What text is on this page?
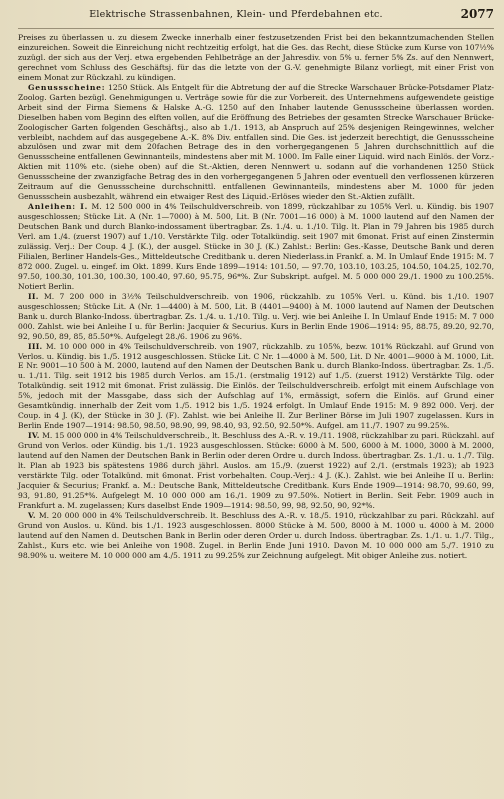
Elektrische Strassenbahnen, Klein- und Pferdebahnen etc.	2077

Preises zu überlassen u. zu diesem Zwecke innerhalb einer festzusetzenden Frist bei den bekanntzumachenden Stellen einzureichen. Soweit die Einreichung nicht rechtzeitig erfolgt, hat die Ges. das Recht, diese Stücke zum Kurse von 107½% zuzügl. der sich aus der Verj. etwa ergebenden Fehlbeträge an der Jahresdiv. von 5% u. ferner 5% Zs. auf den Nennwert, gerechnet vom Schluss des Geschäftsj. für das die letzte von der G.-V. genehmigte Bilanz vorliegt, mit einer Frist von einem Monat zur Rückzahl. zu kündigen.

Genussscheine: 1250 Stück. Als Entgelt für die Abtretung der auf die Strecke Warschauer Brücke-Potsdamer Platz-Zoolog. Garten bezügl. Genehmigungen u. Verträge sowie für die zur Vorbereit. des Unternehmens aufgewendete geistige Arbeit sind der Firma Siemens & Halske A.-G. 1250 auf den Inhaber lautende Genussscheine überlassen worden. Dieselben haben vom Beginn des elften vollen, auf die Eröffnung des Betriebes der gesamten Strecke Warschauer Brücke-Zoologischer Garten folgenden Geschäftsj., also ab 1./1. 1913, ab Anspruch auf 25% desjenigen Reingewinnes, welcher verbleibt, nachdem auf das ausgegebene A.-K. 8% Div. entfallen sind. Die Ges. ist jederzeit berechtigt, die Genussscheine abzulösen und zwar mit dem 20fachen Betrage des in den vorhergegangenen 5 Jahren durchschnittlich auf die Genussscheine entfallenen Gewinnanteils, mindestens aber mit M. 1000. Im Falle einer Liquid. wird nach Einlös. der Vorz.-Aktien mit 110% etc. (siehe oben) auf die St.-Aktien, deren Nennwert u. sodann auf die vorhandenen 1250 Stück Genussscheine der zwanzigfache Betrag des in den vorhergegangenen 5 Jahren oder eventuell den verflossenen kürzeren Zeitraum auf die Genussscheine durchschnittl. entfallenen Gewinnanteils, mindestens aber M. 1000 für jeden Genussschein ausbezahlt, während ein etwaiger Rest des Liquid.-Erlöses wieder den St.-Aktien zufällt.

Anleihen: I. M. 12 500 000 in 4% Teilschuldverschreib. von 1899, rückzahlbar zu 105% Verl. u. Kündig. bis 1907 ausgeschlossen; Stücke Lit. A (Nr. 1—7000) à M. 500, Lit. B (Nr. 7001—16 000) à M. 1000 lautend auf den Namen der Deutschen Bank und durch Blanko-indossament übertragbar. Zs. 1./4. u. 1./10. Tilg. lt. Plan in 79 Jahren bis 1985 durch Verl. am 1./4. (zuerst 1907) auf 1./10. Verstärkte Tilg. oder Totalkündig. seit 1907 mit 6monat. Frist auf einen Zinstermin zulässig. Verj.: Der Coup. 4 J. (K.), der ausgel. Stücke in 30 J. (K.) Zahlst.: Berlin: Ges.-Kasse, Deutsche Bank und deren Filialen, Berliner Handels-Ges., Mitteldeutsche Creditbank u. deren Niederlass.in Frankf. a. M. In Umlauf Ende 1915: M. 7 872 000. Zugel. u. eingef. im Okt. 1899. Kurs Ende 1899—1914: 101.50, — 97.70, 103.10, 103.25, 104.50, 104.25, 102.70, 97.50, 100.30, 101.30, 100.30, 100.40, 97.60, 95.75, 96*%. Zur Subskript. aufgel. M. 5 000 000 29./1. 1900 zu 100.25%. Notiert Berlin.

II. M. 7 200 000 in 3½% Teilschuldverschreib. von 1906, rückzahlb. zu 105% Verl. u. Künd. bis 1./10. 1907 ausgeschlossen; Stücke Lit. A (Nr. 1—4400) à M. 500, Lit. B (4401—9400) à M. 1000 lautend auf Namen der Deutschen Bank u. durch Blanko-Indoss. übertragbar. Zs. 1./4. u. 1./10. Tilg. u. Verj. wie bei Anleihe I. In Umlauf Ende 1915: M. 7 000 000. Zahlst. wie bei Anleihe I u. für Berlin: Jacquier & Securius. Kurs in Berlin Ende 1906—1914: 95, 88.75, 89.20, 92.70, 92, 90.50, 89, 85, 85.50*%. Aufgelegt 28./6. 1906 zu 96%.

III. M. 10 000 000 in 4% Teilschuldverschreib. von 1907, rückzahlb. zu 105%, bezw. 101% Rückzahl. auf Grund von Verlos. u. Kündig. bis 1./5. 1912 ausgeschlossen. Stücke Lit. C Nr. 1—4000 à M. 500, Lit. D Nr. 4001—9000 à M. 1000, Lit. E Nr. 9001—10 500 à M. 2000, lautend auf den Namen der Deutschen Bank u. durch Blanko-Indoss. übertragbar. Zs. 1./5. u. 1./11. Tilg. seit 1912 bis 1985 durch Verlos. am 15./1. (erstmalig 1912) auf 1./5. (zuerst 1912) Verstärkte Tilg. oder Totalkündig. seit 1912 mit 6monat. Frist zulässig. Die Einlös. der Teilschuldverschreib. erfolgt mit einem Aufschlage von 5%, jedoch mit der Massgabe, dass sich der Aufschlag auf 1%, ermässigt, sofern die Einlös. auf Grund einer Gesamtkündig. innerhalb der Zeit vom 1./5. 1912 bis 1./5. 1924 erfolgt. In Umlauf Ende 1915: M. 9 892 000. Verj. der Coup. in 4 J. (K), der Stücke in 30 J. (F). Zahlst. wie bei Anleihe II. Zur Berliner Börse im Juli 1907 zugelassen. Kurs in Berlin Ende 1907—1914: 98.50, 98.50, 98.90, 99, 98.40, 93, 92.50, 92.50*%. Aufgel. am 11./7. 1907 zu 99.25%.

IV. M. 15 000 000 in 4% Teilschuldverschreib., lt. Beschluss des A.-R. v. 19./11. 1908, rückzahlbar zu pari. Rückzahl. auf Grund von Verlos. oder Kündig. bis 1./1. 1923 ausgeschlossen. Stücke: 6000 à M. 500, 6000 à M. 1000, 3000 à M. 2000, lautend auf den Namen der Deutschen Bank in Berlin oder deren Ordre u. durch Indoss. übertragbar. Zs. 1./1. u. 1./7. Tilg. lt. Plan ab 1923 bis spätestens 1986 durch jährl. Auslos. am 15./9. (zuerst 1922) auf 2./1. (erstmals 1923); ab 1923 verstärkte Tilg. oder Totalkünd. mit 6monat. Frist vorbehalten. Coup.-Verj.: 4 J. (K.). Zahlst. wie bei Anleihe II u. Berlin: Jacquier & Securius; Frankf. a. M.: Deutsche Bank, Mitteldeutsche Creditbank. Kurs Ende 1909—1914: 98.70, 99.60, 99, 93, 91.80, 91.25*%. Aufgelegt M. 10 000 000 am 16./1. 1909 zu 97.50%. Notiert in Berlin. Seit Febr. 1909 auch in Frankfurt a. M. zugelassen; Kurs daselbst Ende 1909—1914: 98.50, 99, 98, 92.50, 90, 92*%.

V. M. 20 000 000 in 4% Teilschuldverschreib. lt. Beschluss des A.-R. v. 18./5. 1910, rückzahlbar zu pari. Rückzahl. auf Grund von Auslos. u. Künd. bis 1./1. 1923 ausgeschlossen. 8000 Stücke à M. 500, 8000 à M. 1000 u. 4000 à M. 2000 lautend auf den Namen d. Deutschen Bank in Berlin oder deren Order u. durch Indoss. übertragbar. Zs. 1./1. u. 1./7. Tilg., Zahlst., Kurs etc. wie bei Anleihe von 1908. Zugel. in Berlin Ende Juni 1910. Davon M. 10 000 000 am 5./7. 1910 zu 98.90% u. weitere M. 10 000 000 am 4./5. 1911 zu 99.25% zur Zeichnung aufgelegt. Mit obiger Anleihe zus. notiert.
